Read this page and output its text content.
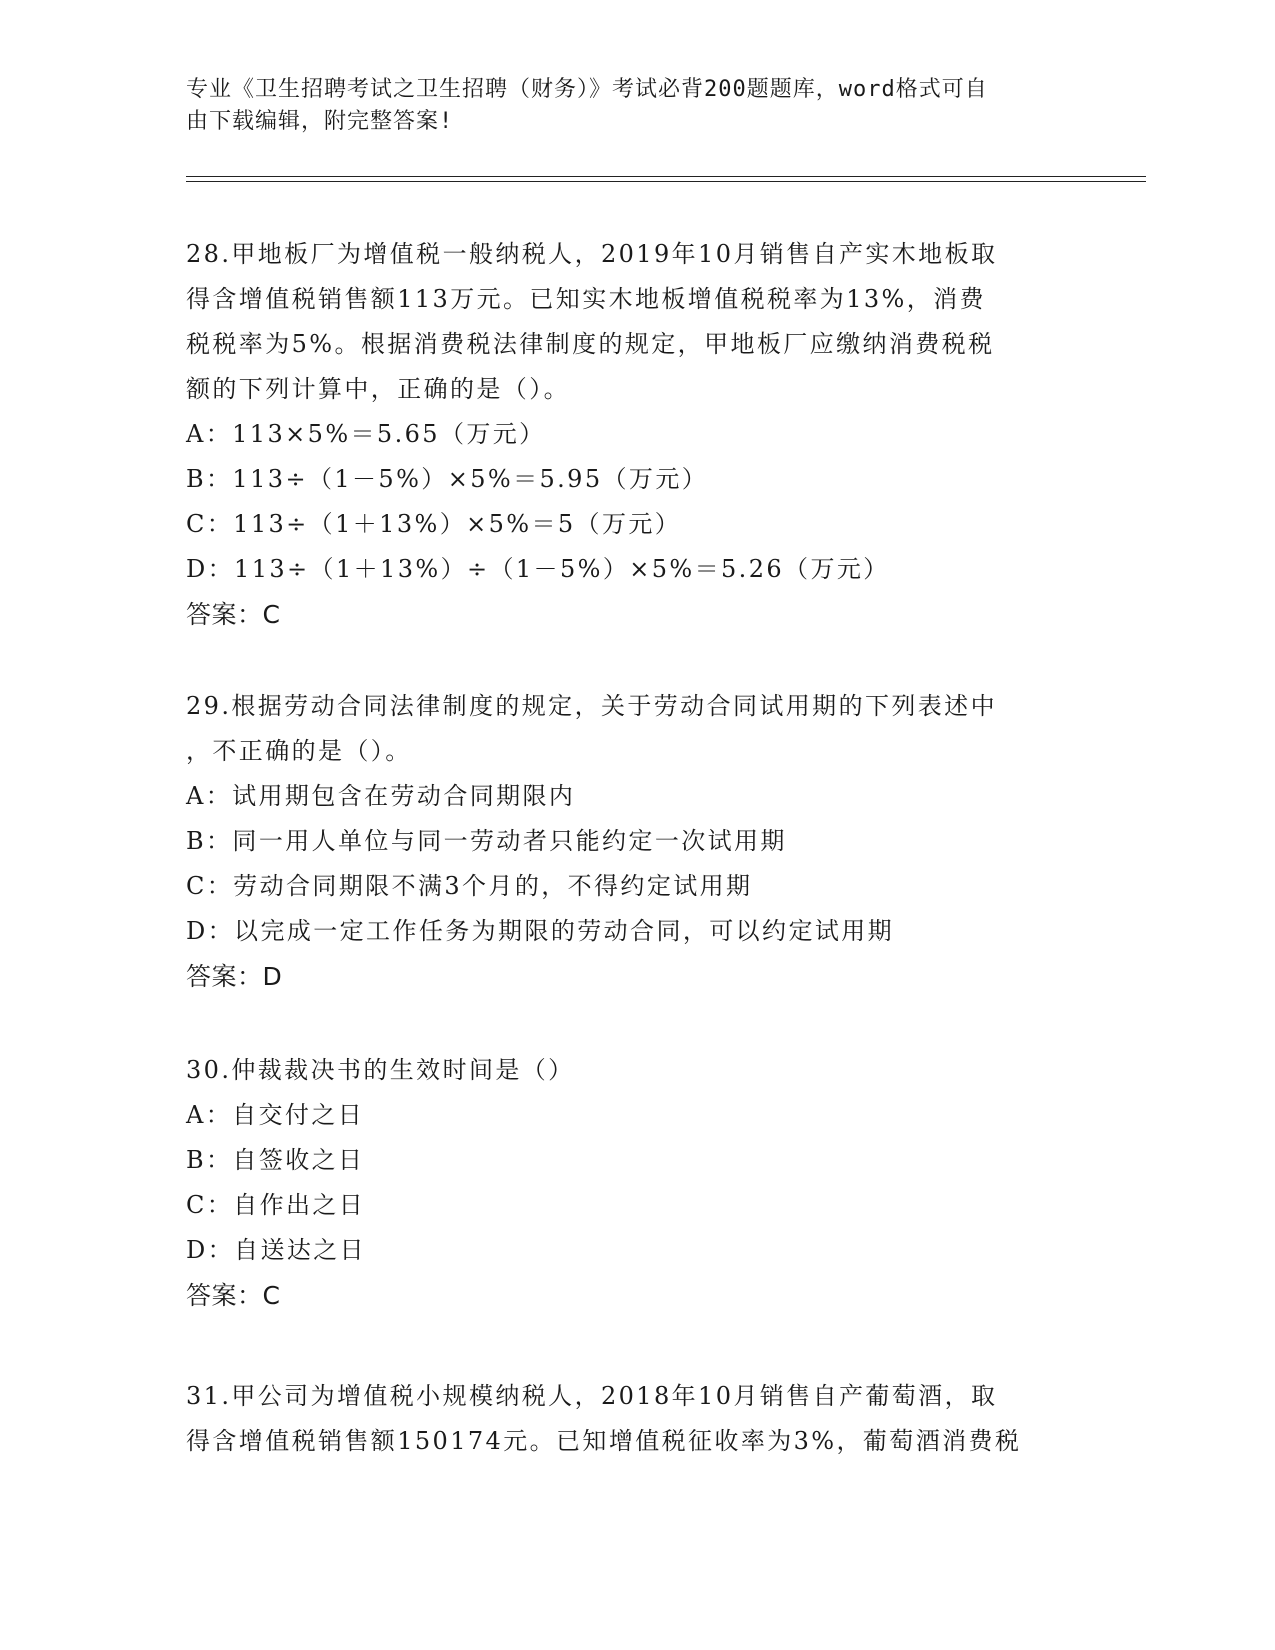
专业《卫生招聘考试之卫生招聘（财务）》考试必背200题题库，word格式可自
由下载编辑，附完整答案!
28.甲地板厂为增值税一般纳税人，2019年10月销售自产实木地板取
得含增值税销售额113万元。已知实木地板增值税税率为13%，消费
税税率为5%。根据消费税法律制度的规定，甲地板厂应缴纳消费税税
额的下列计算中，正确的是（）。
A：113×5%＝5.65（万元）
B：113÷（1－5%）×5%＝5.95（万元）
C：113÷（1＋13%）×5%＝5（万元）
D：113÷（1＋13%）÷（1－5%）×5%＝5.26（万元）
答案：C
29.根据劳动合同法律制度的规定，关于劳动合同试用期的下列表述中
，不正确的是（）。
A：试用期包含在劳动合同期限内
B：同一用人单位与同一劳动者只能约定一次试用期
C：劳动合同期限不满3个月的，不得约定试用期
D：以完成一定工作任务为期限的劳动合同，可以约定试用期
答案：D
30.仲裁裁决书的生效时间是（）
A：自交付之日
B：自签收之日
C：自作出之日
D：自送达之日
答案：C
31.甲公司为增值税小规模纳税人，2018年10月销售自产葡萄酒，取
得含增值税销售额150174元。已知增值税征收率为3%，葡萄酒消费税
